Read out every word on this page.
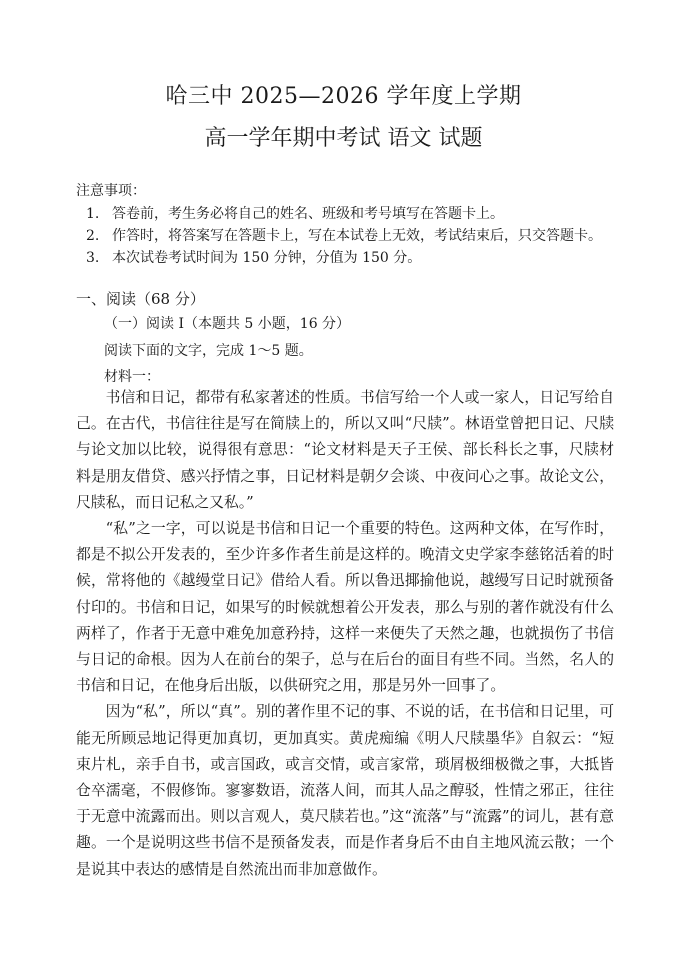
哈三中 2025—2026 学年度上学期
高一学年期中考试 语文 试题
注意事项：
1. 答卷前，考生务必将自己的姓名、班级和考号填写在答题卡上。
2. 作答时，将答案写在答题卡上，写在本试卷上无效，考试结束后，只交答题卡。
3. 本次试卷考试时间为 150 分钟，分值为 150 分。
一、阅读（68 分）
（一）阅读 I（本题共 5 小题，16 分）
阅读下面的文字，完成 1～5 题。
材料一：

书信和日记，都带有私家著述的性质。书信写给一个人或一家人，日记写给自己。在古代，书信往往是写在简牍上的，所以又叫“尺牍”。林语堂曾把日记、尺牍与论文加以比较，说得很有意思：“论文材料是天子王侯、部长科长之事，尺牍材料是朋友借贷、感兴抒情之事，日记材料是朝夕会谈、中夜问心之事。故论文公，尺牍私，而日记私之又私。”

“私”之一字，可以说是书信和日记一个重要的特色。这两种文体，在写作时，都是不拟公开发表的，至少许多作者生前是这样的。晚清文史学家李慈铭活着的时候，常将他的《越缦堂日记》借给人看。所以鲁迅揶揄他说，越缦写日记时就预备付印的。书信和日记，如果写的时候就想着公开发表，那么与别的著作就没有什么两样了，作者于无意中难免加意矜持，这样一来便失了天然之趣，也就损伤了书信与日记的命根。因为人在前台的架子，总与在后台的面目有些不同。当然，名人的书信和日记，在他身后出版，以供研究之用，那是另外一回事了。

因为“私”，所以“真”。别的著作里不记的事、不说的话，在书信和日记里，可能无所顾忌地记得更加真切，更加真实。黄虎痴编《明人尺牍墨华》自叙云：“短束片札，亲手自书，或言国政，或言交情，或言家常，琐屑极细极微之事，大抵皆仓卒濡毫，不假修饰。寥寥数语，流落人间，而其人品之醇驳，性情之邪正，往往于无意中流露而出。则以言观人，莫尺牍若也。”这“流落”与“流露”的词儿，甚有意趣。一个是说明这些书信不是预备发表，而是作者身后不由自主地风流云散；一个是说其中表达的感情是自然流出而非加意做作。
